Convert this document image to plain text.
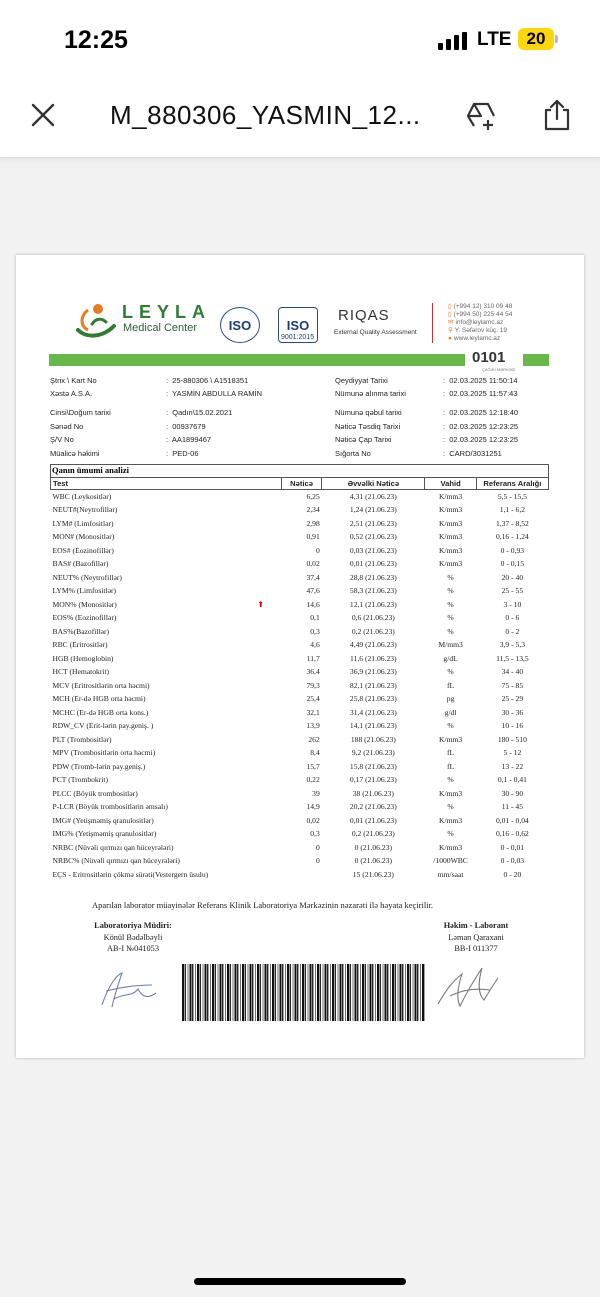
12:25	LTE 20
M_880306_YASMIN_12...
LEYLA
Medical Center	ISO	ISO
9001:2015
RIQAS
External Quality Assessment
▯ (+994 12) 310 09 48
▯ (+994 50) 225 44 54
✉ info@leylamc.az
⚲ Y. Səfərov küç. 19
● www.leylamc.az
0101
ÇAĞIRI MƏRKƏZİ
Ştrix \ Kart No	:  25-880306 \ A1518351
Xəstə A.S.A.	:  YASMİN ABDULLA RAMİN
Cinsi\Doğum tarixi	:  Qadın\15.02.2021
Sənəd No	:  00937679
Ş/V No	:  AA1899467
Müalicə həkimi	:  PED-06
Qeydiyyat Tarixi	:  02.03.2025 11:50:14
Nümunə alınma tarixi	:  02.03.2025 11:57:43
Nümunə qəbul tarixi	:  02.03.2025 12:18:40
Nəticə Təsdiq Tarixi	:  02.03.2025 12:23:25
Nəticə Çap Tarixi	:  02.03.2025 12:23:25
Sığorta No	:  CARD/3031251
Qanın ümumi analizi
Test		Nəticə	Əvvəlki Nəticə	Vahid	Referans Aralığı
WBC (Leykositlər)		6,25	4,31 (21.06.23)	K/mm3	5,5 - 15,5
NEUT#(Neytrofillər)		2,34	1,24 (21.06.23)	K/mm3	1,1 - 6,2
LYM# (Limfositlər)		2,98	2,51 (21.06.23)	K/mm3	1,37 - 8,52
MON# (Monositlər)		0,91	0,52 (21.06.23)	K/mm3	0,16 - 1,24
EOS# (Eozinofillər)		0	0,03 (21.06.23)	K/mm3	0 - 0,93
BAS# (Bazofillər)		0,02	0,01 (21.06.23)	K/mm3	0 - 0,15
NEUT% (Neytrofillər)		37,4	28,8 (21.06.23)	%	20 - 40
LYM% (Limfositlər)		47,6	58,3 (21.06.23)	%	25 - 55
MON% (Monositlər)	⬆	14,6	12,1 (21.06.23)	%	3 - 10
EOS% (Eozinofillər)		0,1	0,6 (21.06.23)	%	0 - 6
BAS%(Bazofillər)		0,3	0,2 (21.06.23)	%	0 - 2
RBC (Eritrositlər)		4,6	4,49 (21.06.23)	M/mm3	3,9 - 5,3
HGB (Hemoglobin)		11,7	11,6 (21.06.23)	g/dL	11,5 - 13,5
HCT (Hematokrit)		36,4	36,9 (21.06.23)	%	34 - 40
MCV (Eritrositlərin orta həcmi)		79,3	82,1 (21.06.23)	fL	75 - 85
MCH (Er-də HGB orta həcmi)		25,4	25,8 (21.06.23)	pg	25 - 29
MCHC (Er-də HGB orta kons.)		32,1	31,4 (21.06.23)	g/dl	30 - 36
RDW_CV (Erit-lərin pay.geniş. )		13,9	14,1 (21.06.23)	%	10 - 16
PLT (Trombositlər)		262	188 (21.06.23)	K/mm3	180 - 510
MPV (Trombositlərin orta həcmi)		8,4	9,2 (21.06.23)	fL	5 - 12
PDW (Tromb-lərin pay.geniş.)		15,7	15,8 (21.06.23)	fL	13 - 22
PCT (Trombokrit)		0,22	0,17 (21.06.23)	%	0,1 - 0,41
PLCC (Böyük trombositlər)		39	38 (21.06.23)	K/mm3	30 - 90
P-LCR (Böyük trombositlərin əmsalı)		14,9	20,2 (21.06.23)	%	11 - 45
IMG# (Yetişməmiş qranulositlər)		0,02	0,01 (21.06.23)	K/mm3	0,01 - 0,04
IMG% (Yetişməmiş qranulositlər)		0,3	0,2 (21.06.23)	%	0,16 - 0,62
NRBC (Nüvəli qırmızı qan hüceyrələri)		0	0 (21.06.23)	K/mm3	0 - 0,01
NRBC% (Nüvəli qırmızı qan hüceyrələri)		0	0 (21.06.23)	/1000WBC	0 - 0,03
EÇS - Eritrositlərin çökmə sürəti(Vestergern üsulu)			15 (21.06.23)	mm/saat	0 - 20
Aparılan laborator müayinələr Referans Klinik Laboratoriya Mərkəzinin nəzarəti ilə həyata keçirilir.
Laboratoriya Müdiri:
Könül Bədəlbəyli
AB-I №041053
Həkim - Laborant
Ləman Qaraxani
BB-I 011377
